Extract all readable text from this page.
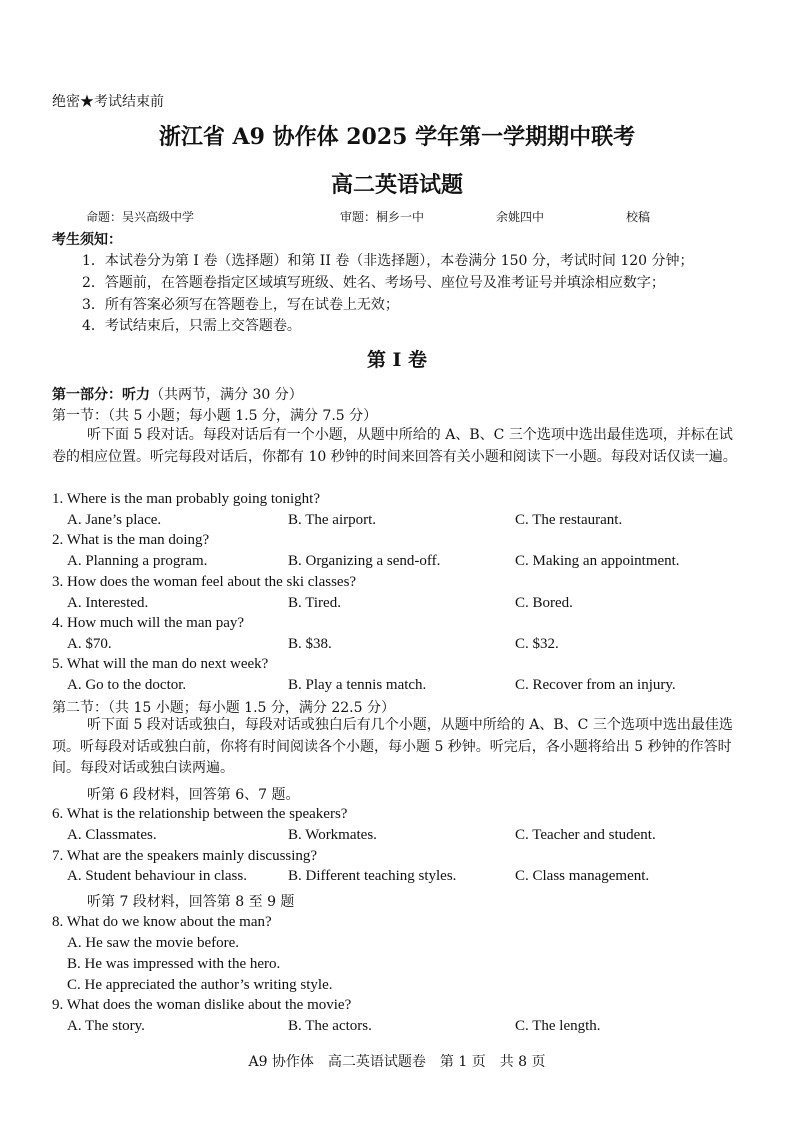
绝密★考试结束前
浙江省 A9 协作体 2025 学年第一学期期中联考
高二英语试题
命题：吴兴高级中学	审题：桐乡一中	余姚四中	校稿
考生须知：
1．本试卷分为第 I 卷（选择题）和第 II 卷（非选择题），本卷满分 150 分，考试时间 120 分钟；
2．答题前，在答题卷指定区域填写班级、姓名、考场号、座位号及准考证号并填涂相应数字；
3．所有答案必须写在答题卷上，写在试卷上无效；
4．考试结束后，只需上交答题卷。
第 I 卷
第一部分：听力（共两节，满分 30 分）
第一节：（共 5 小题；每小题 1.5 分，满分 7.5 分）
听下面 5 段对话。每段对话后有一个小题，从题中所给的 A、B、C 三个选项中选出最佳选项，并标在试卷的相应位置。听完每段对话后，你都有 10 秒钟的时间来回答有关小题和阅读下一小题。每段对话仅读一遍。
1. Where is the man probably going tonight?
A. Jane’s place.	B. The airport.	C. The restaurant.
2. What is the man doing?
A. Planning a program.	B. Organizing a send-off.	C. Making an appointment.
3. How does the woman feel about the ski classes?
A. Interested.	B. Tired.	C. Bored.
4. How much will the man pay?
A. $70.	B. $38.	C. $32.
5. What will the man do next week?
A. Go to the doctor.	B. Play a tennis match.	C. Recover from an injury.
第二节：（共 15 小题；每小题 1.5 分，满分 22.5 分）
听下面 5 段对话或独白，每段对话或独白后有几个小题，从题中所给的 A、B、C 三个选项中选出最佳选项。听每段对话或独白前，你将有时间阅读各个小题，每小题 5 秒钟。听完后，各小题将给出 5 秒钟的作答时间。每段对话或独白读两遍。
听第 6 段材料，回答第 6、7 题。
6. What is the relationship between the speakers?
A. Classmates.	B. Workmates.	C. Teacher and student.
7. What are the speakers mainly discussing?
A. Student behaviour in class.	B. Different teaching styles.	C. Class management.
听第 7 段材料，回答第 8 至 9 题
8. What do we know about the man?
A. He saw the movie before.
B. He was impressed with the hero.
C. He appreciated the author’s writing style.
9. What does the woman dislike about the movie?
A. The story.	B. The actors.	C. The length.
A9 协作体　高二英语试题卷　第 1 页　共 8 页
